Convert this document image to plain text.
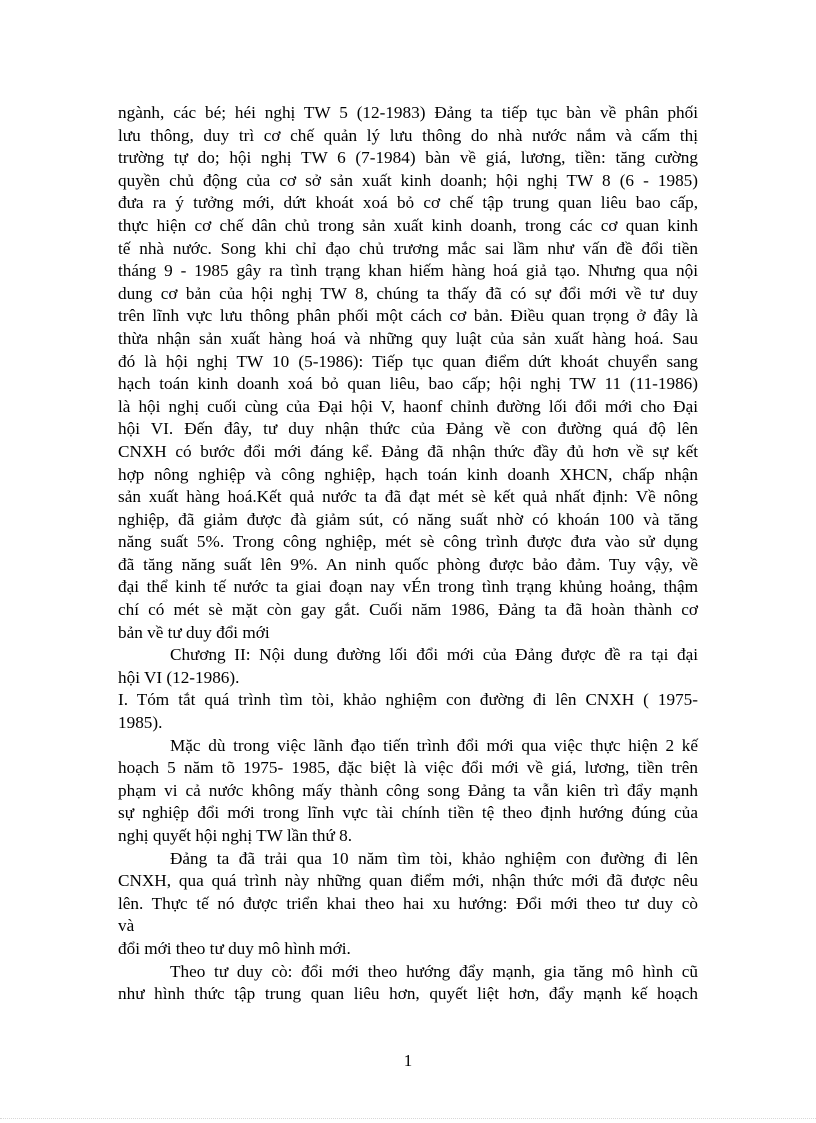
ngành, các bé; héi nghị TW 5 (12-1983) Đảng ta tiếp tục bàn về phân phối
lưu thông, duy trì cơ chế quản lý lưu thông do nhà nước nắm và cấm thị
trường tự do; hội nghị TW 6 (7-1984) bàn về giá, lương, tiền: tăng cường
quyền chủ động của cơ sở sản xuất kinh doanh; hội nghị TW 8 (6 - 1985)
đưa ra ý tưởng mới, dứt khoát xoá bỏ cơ chế tập trung quan liêu bao cấp,
thực hiện cơ chế dân chủ trong sản xuất kinh doanh, trong các cơ quan kinh
tế nhà nước. Song khi chỉ đạo chủ trương mắc sai lầm như vấn đề đổi tiền
tháng 9 - 1985 gây ra tình trạng khan hiếm hàng hoá giả tạo. Nhưng qua nội
dung cơ bản của hội nghị TW 8, chúng ta thấy đã có sự đổi mới về tư duy
trên lĩnh vực lưu thông phân phối một cách cơ bản. Điều quan trọng ở đây là
thừa nhận sản xuất hàng hoá và những quy luật của sản xuất hàng hoá. Sau
đó là hội nghị TW 10 (5-1986): Tiếp tục quan điểm dứt khoát chuyển sang
hạch toán kinh doanh xoá bỏ quan liêu, bao cấp; hội nghị TW 11 (11-1986)
là hội nghị cuối cùng của Đại hội V, haonf chỉnh đường lối đổi mới cho Đại
hội VI. Đến đây, tư duy nhận thức của Đảng về con đường quá độ lên
CNXH có bước đổi mới đáng kể. Đảng đã nhận thức đầy đủ hơn về sự kết
hợp nông nghiệp và công nghiệp, hạch toán kinh doanh XHCN, chấp nhận
sản xuất hàng hoá.Kết quả nước ta đã đạt mét sè kết quả nhất định: Về nông
nghiệp, đã giảm được đà giảm sút, có năng suất nhờ có khoán 100 và tăng
năng suất 5%. Trong công nghiệp, mét sè công trình được đưa vào sử dụng
đã tăng năng suất lên 9%. An ninh quốc phòng được bảo đảm. Tuy vậy, về
đại thể kinh tế nước ta giai đoạn nay vÉn trong tình trạng khủng hoảng, thậm
chí có mét sè mặt còn gay gắt. Cuối năm 1986, Đảng ta đã hoàn thành cơ
bản về tư duy đổi mới
Chương II: Nội dung đường lối đổi mới của Đảng được đề ra tại đại
hội VI (12-1986).
I. Tóm tắt quá trình tìm tòi, khảo nghiệm con đường đi lên CNXH ( 1975-
1985).
Mặc dù trong việc lãnh đạo tiến trình đổi mới qua việc thực hiện 2 kế
hoạch 5 năm tõ 1975- 1985, đặc biệt là việc đổi mới về giá, lương, tiền trên
phạm vi cả nước không mấy thành công song Đảng ta vẫn kiên trì đẩy mạnh
sự nghiệp đổi mới trong lĩnh vực tài chính tiền tệ theo định hướng đúng của
nghị quyết hội nghị TW lần thứ 8.
Đảng ta đã trải qua 10 năm tìm tòi, khảo nghiệm con đường đi lên
CNXH, qua quá trình này những quan điểm mới, nhận thức mới đã được nêu
lên. Thực tế nó được triển khai theo hai xu hướng: Đổi mới theo tư duy cò
và
đổi mới theo tư duy mô hình mới.
Theo tư duy cò: đổi mới theo hướng đẩy mạnh, gia tăng mô hình cũ
như hình thức tập trung quan liêu hơn, quyết liệt hơn, đẩy mạnh kế hoạch
1
